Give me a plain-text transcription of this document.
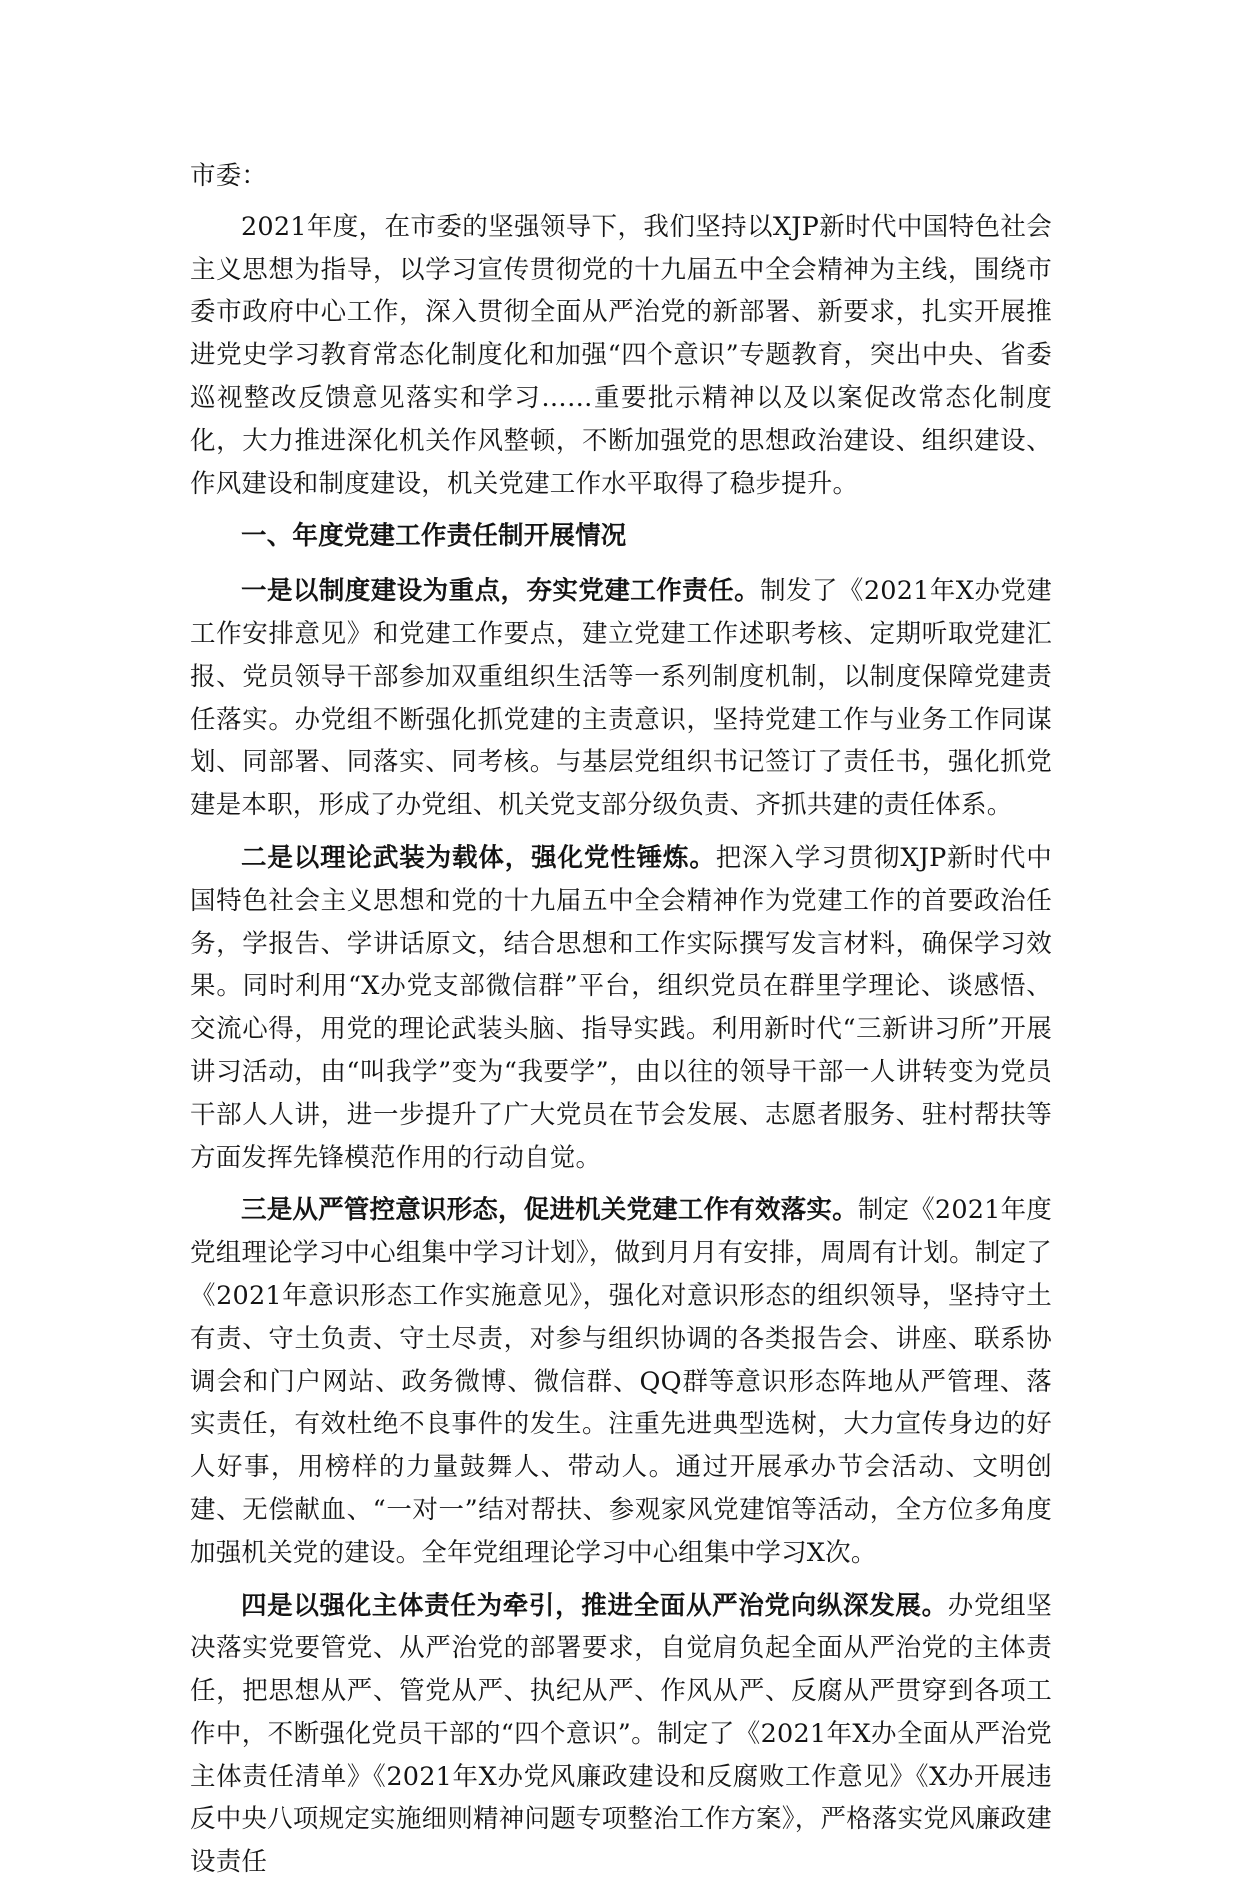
市委：

2021年度，在市委的坚强领导下，我们坚持以XJP新时代中国特色社会主义思想为指导，以学习宣传贯彻党的十九届五中全会精神为主线，围绕市委市政府中心工作，深入贯彻全面从严治党的新部署、新要求，扎实开展推进党史学习教育常态化制度化和加强“四个意识”专题教育，突出中央、省委巡视整改反馈意见落实和学习……重要批示精神以及以案促改常态化制度化，大力推进深化机关作风整顿，不断加强党的思想政治建设、组织建设、作风建设和制度建设，机关党建工作水平取得了稳步提升。

一、年度党建工作责任制开展情况

一是以制度建设为重点，夯实党建工作责任。制发了《2021年X办党建工作安排意见》和党建工作要点，建立党建工作述职考核、定期听取党建汇报、党员领导干部参加双重组织生活等一系列制度机制，以制度保障党建责任落实。办党组不断强化抓党建的主责意识，坚持党建工作与业务工作同谋划、同部署、同落实、同考核。与基层党组织书记签订了责任书，强化抓党建是本职，形成了办党组、机关党支部分级负责、齐抓共建的责任体系。

二是以理论武装为载体，强化党性锤炼。把深入学习贯彻XJP新时代中国特色社会主义思想和党的十九届五中全会精神作为党建工作的首要政治任务，学报告、学讲话原文，结合思想和工作实际撰写发言材料，确保学习效果。同时利用“X办党支部微信群”平台，组织党员在群里学理论、谈感悟、交流心得，用党的理论武装头脑、指导实践。利用新时代“三新讲习所”开展讲习活动，由“叫我学”变为“我要学”，由以往的领导干部一人讲转变为党员干部人人讲，进一步提升了广大党员在节会发展、志愿者服务、驻村帮扶等方面发挥先锋模范作用的行动自觉。

三是从严管控意识形态，促进机关党建工作有效落实。制定《2021年度党组理论学习中心组集中学习计划》，做到月月有安排，周周有计划。制定了《2021年意识形态工作实施意见》，强化对意识形态的组织领导，坚持守土有责、守土负责、守土尽责，对参与组织协调的各类报告会、讲座、联系协调会和门户网站、政务微博、微信群、QQ群等意识形态阵地从严管理、落实责任，有效杜绝不良事件的发生。注重先进典型选树，大力宣传身边的好人好事，用榜样的力量鼓舞人、带动人。通过开展承办节会活动、文明创建、无偿献血、“一对一”结对帮扶、参观家风党建馆等活动，全方位多角度加强机关党的建设。全年党组理论学习中心组集中学习X次。

四是以强化主体责任为牵引，推进全面从严治党向纵深发展。办党组坚决落实党要管党、从严治党的部署要求，自觉肩负起全面从严治党的主体责任，把思想从严、管党从严、执纪从严、作风从严、反腐从严贯穿到各项工作中，不断强化党员干部的“四个意识”。制定了《2021年X办全面从严治党主体责任清单》《2021年X办党风廉政建设和反腐败工作意见》《X办开展违反中央八项规定实施细则精神问题专项整治工作方案》，严格落实党风廉政建设责任
